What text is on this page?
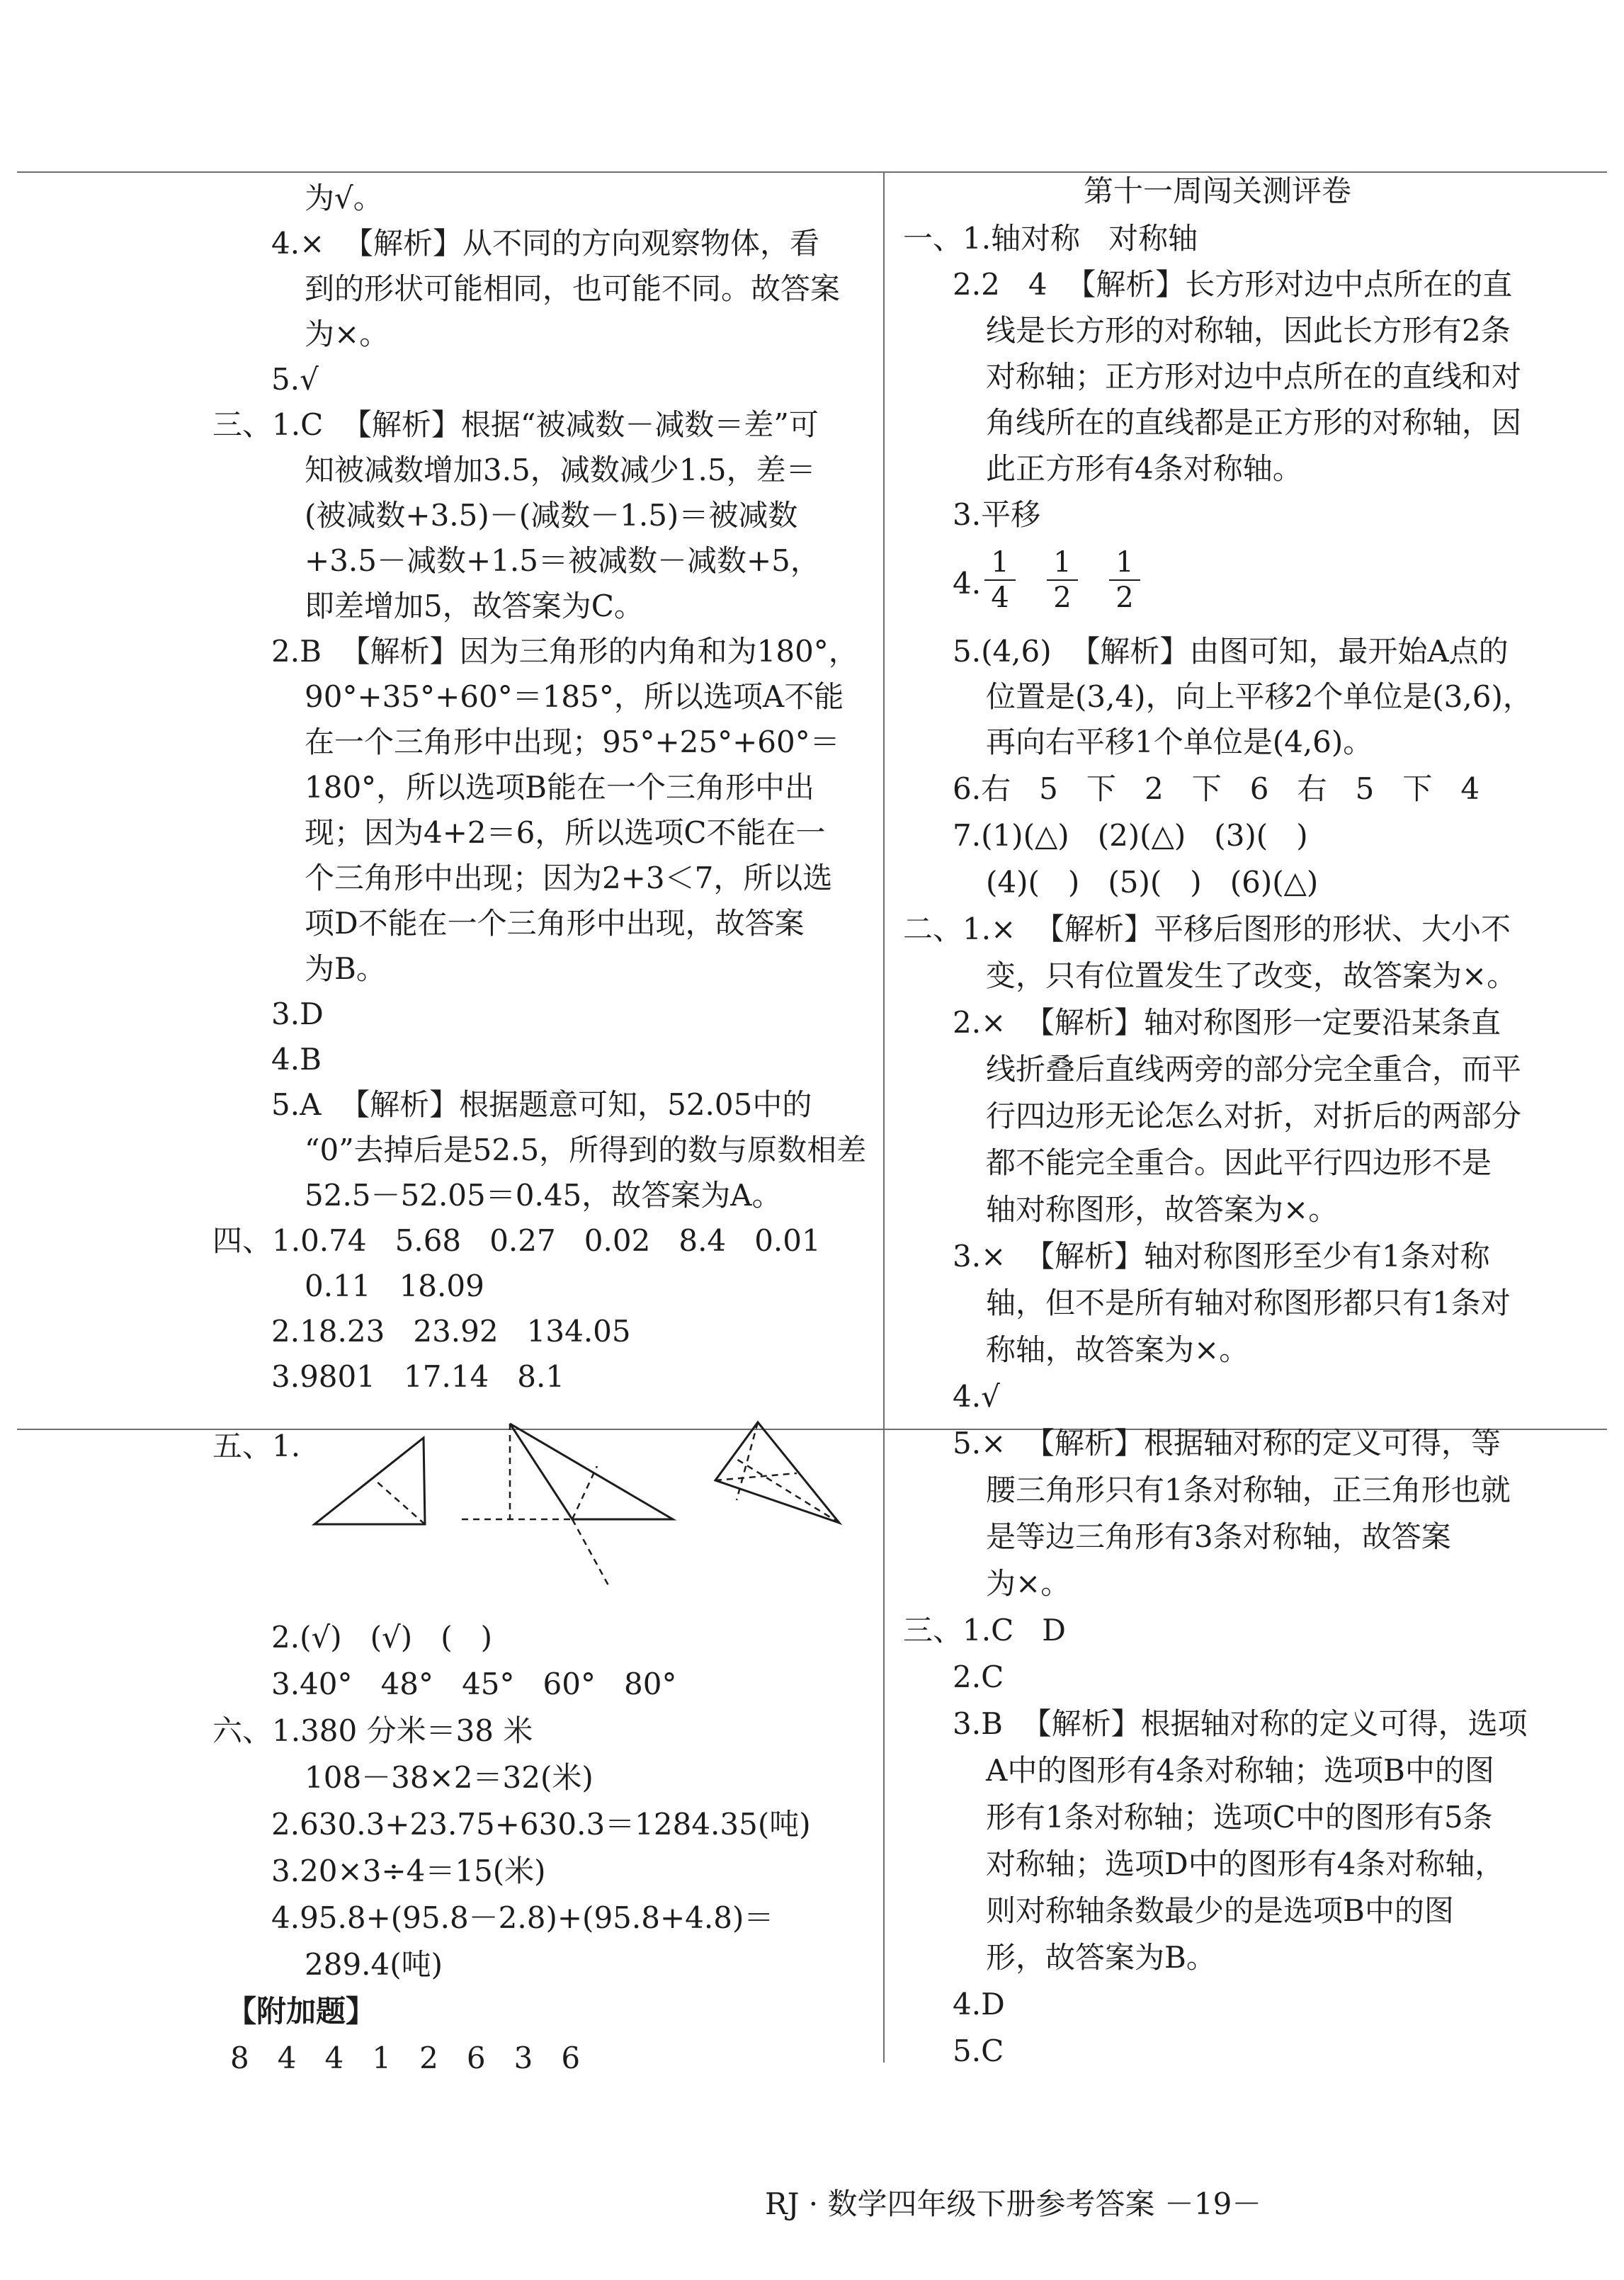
为√。
4.×  【解析】从不同的方向观察物体，看
到的形状可能相同，也可能不同。故答案
为×。
5.√
三、1.C  【解析】根据“被减数－减数＝差”可
知被减数增加3.5，减数减少1.5，差＝
(被减数+3.5)－(减数－1.5)＝被减数
+3.5－减数+1.5＝被减数－减数+5，
即差增加5，故答案为C。
2.B  【解析】因为三角形的内角和为180°，
90°+35°+60°＝185°，所以选项A不能
在一个三角形中出现；95°+25°+60°＝
180°，所以选项B能在一个三角形中出
现；因为4+2＝6，所以选项C不能在一
个三角形中出现；因为2+3＜7，所以选
项D不能在一个三角形中出现，故答案
为B。
3.D
4.B
5.A  【解析】根据题意可知，52.05中的
“0”去掉后是52.5，所得到的数与原数相差
52.5－52.05＝0.45，故答案为A。
四、1.0.74   5.68   0.27   0.02   8.4   0.01
0.11   18.09
2.18.23   23.92   134.05
3.9801   17.14   8.1
五、1.
2.(√)   (√)   (   )
3.40°   48°   45°   60°   80°
六、1.380 分米＝38 米
108－38×2＝32(米)
2.630.3+23.75+630.3＝1284.35(吨)
3.20×3÷4＝15(米)
4.95.8+(95.8－2.8)+(95.8+4.8)＝
289.4(吨)
【附加题】
8   4   4   1   2   6   3   6
第十一周闯关测评卷
一、1.轴对称   对称轴
2.2   4  【解析】长方形对边中点所在的直
线是长方形的对称轴，因此长方形有2条
对称轴；正方形对边中点所在的直线和对
角线所在的直线都是正方形的对称轴，因
此正方形有4条对称轴。
3.平移
4. $\frac{1}{4} \frac{1}{2} \frac{1}{2}$
5.(4,6)  【解析】由图可知，最开始A点的
位置是(3,4)，向上平移2个单位是(3,6)，
再向右平移1个单位是(4,6)。
6.右   5   下   2   下   6   右   5   下   4
7.(1)(△)   (2)(△)   (3)(   )
(4)(   )   (5)(   )   (6)(△)
二、1.×  【解析】平移后图形的形状、大小不
变，只有位置发生了改变，故答案为×。
2.×  【解析】轴对称图形一定要沿某条直
线折叠后直线两旁的部分完全重合，而平
行四边形无论怎么对折，对折后的两部分
都不能完全重合。因此平行四边形不是
轴对称图形，故答案为×。
3.×  【解析】轴对称图形至少有1条对称
轴，但不是所有轴对称图形都只有1条对
称轴，故答案为×。
4.√
5.×  【解析】根据轴对称的定义可得，等
腰三角形只有1条对称轴，正三角形也就
是等边三角形有3条对称轴，故答案
为×。
三、1.C   D
2.C
3.B  【解析】根据轴对称的定义可得，选项
A中的图形有4条对称轴；选项B中的图
形有1条对称轴；选项C中的图形有5条
对称轴；选项D中的图形有4条对称轴，
则对称轴条数最少的是选项B中的图
形，故答案为B。
4.D
5.C
RJ · 数学四年级下册参考答案 －19－
